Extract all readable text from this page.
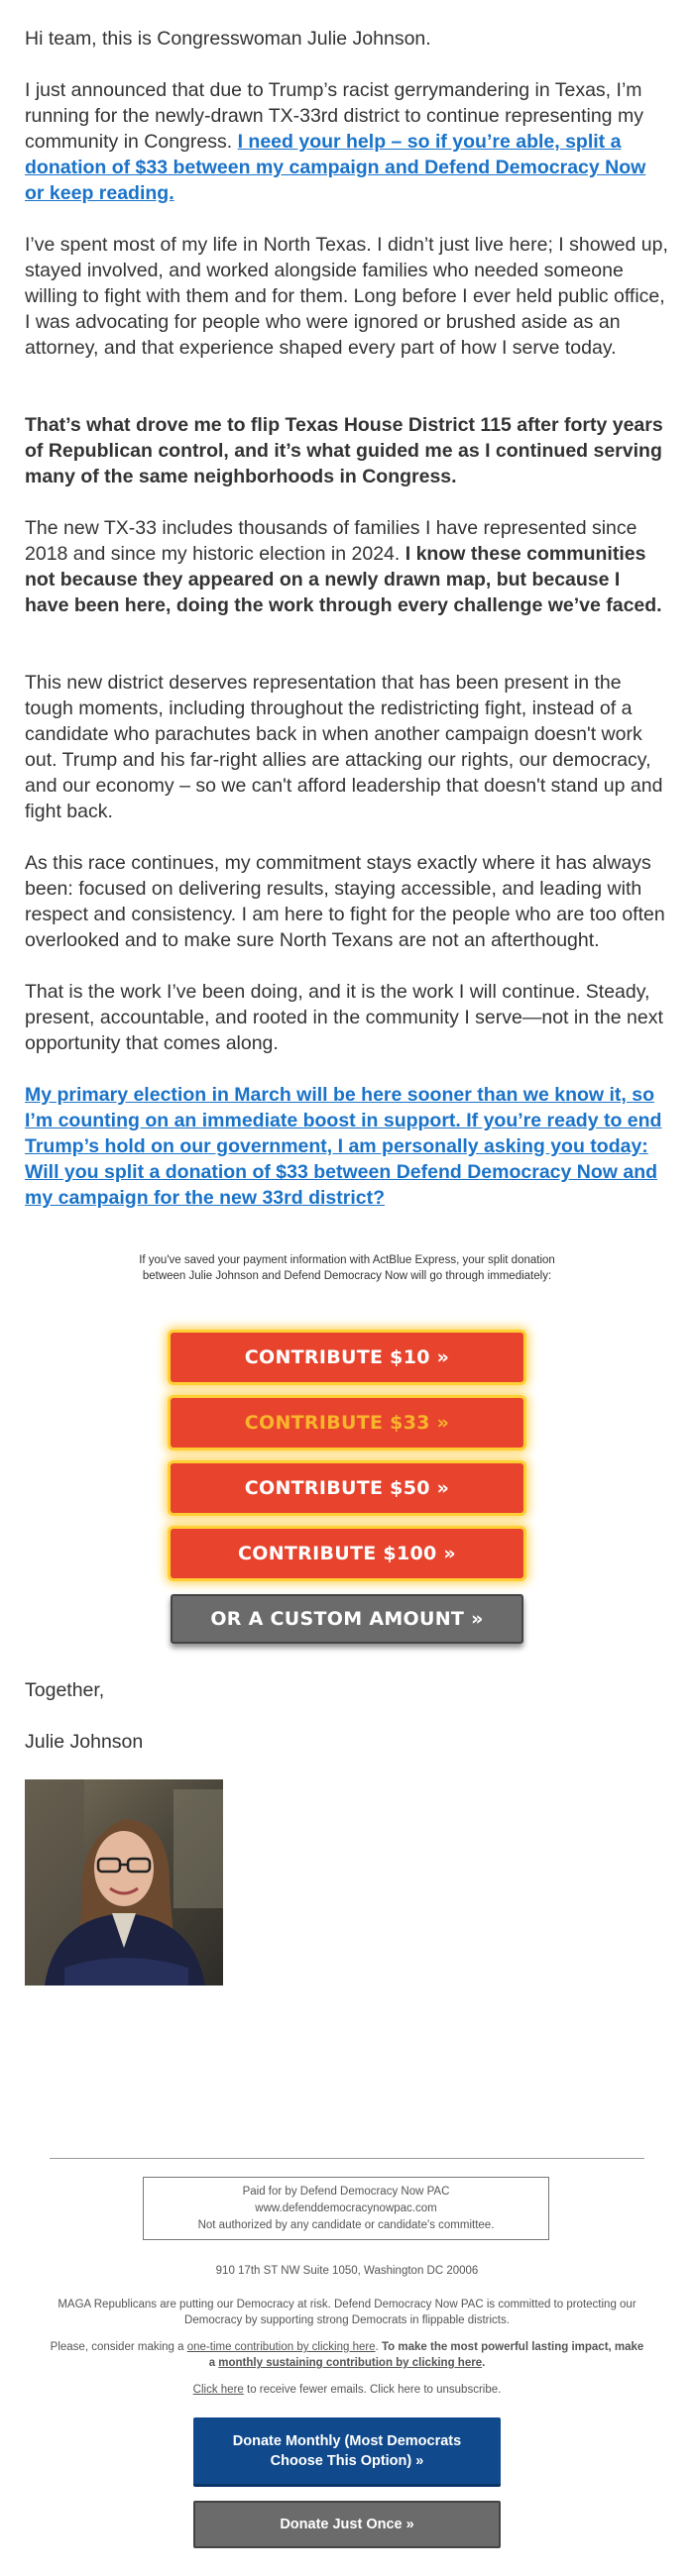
Hi team, this is Congresswoman Julie Johnson.

I just announced that due to Trump’s racist gerrymandering in Texas, I’m running for the newly-drawn TX-33rd district to continue representing my community in Congress. I need your help – so if you’re able, split a donation of $33 between my campaign and Defend Democracy Now or keep reading.

I’ve spent most of my life in North Texas. I didn’t just live here; I showed up, stayed involved, and worked alongside families who needed someone willing to fight with them and for them. Long before I ever held public office, I was advocating for people who were ignored or brushed aside as an attorney, and that experience shaped every part of how I serve today.

That’s what drove me to flip Texas House District 115 after forty years of Republican control, and it’s what guided me as I continued serving many of the same neighborhoods in Congress.

The new TX-33 includes thousands of families I have represented since 2018 and since my historic election in 2024. I know these communities not because they appeared on a newly drawn map, but because I have been here, doing the work through every challenge we’ve faced.

This new district deserves representation that has been present in the tough moments, including throughout the redistricting fight, instead of a candidate who parachutes back in when another campaign doesn't work out. Trump and his far-right allies are attacking our rights, our democracy, and our economy – so we can't afford leadership that doesn't stand up and fight back.

As this race continues, my commitment stays exactly where it has always been: focused on delivering results, staying accessible, and leading with respect and consistency. I am here to fight for the people who are too often overlooked and to make sure North Texans are not an afterthought.

That is the work I’ve been doing, and it is the work I will continue. Steady, present, accountable, and rooted in the community I serve—not in the next opportunity that comes along.

My primary election in March will be here sooner than we know it, so I’m counting on an immediate boost in support. If you’re ready to end Trump’s hold on our government, I am personally asking you today: Will you split a donation of $33 between Defend Democracy Now and my campaign for the new 33rd district?

If you've saved your payment information with ActBlue Express, your split donation between Julie Johnson and Defend Democracy Now will go through immediately:
CONTRIBUTE $10 »
CONTRIBUTE $33 »
CONTRIBUTE $50 »
CONTRIBUTE $100 »
OR A CUSTOM AMOUNT »
Together,
Julie Johnson
Paid for by Defend Democracy Now PAC
www.defenddemocracynowpac.com
Not authorized by any candidate or candidate's committee.
910 17th ST NW Suite 1050, Washington DC 20006
MAGA Republicans are putting our Democracy at risk. Defend Democracy Now PAC is committed to protecting our Democracy by supporting strong Democrats in flippable districts.
Please, consider making a one-time contribution by clicking here. To make the most powerful lasting impact, make a monthly sustaining contribution by clicking here.
Click here to receive fewer emails. Click here to unsubscribe.
Donate Monthly (Most Democrats Choose This Option) »
Donate Just Once »
